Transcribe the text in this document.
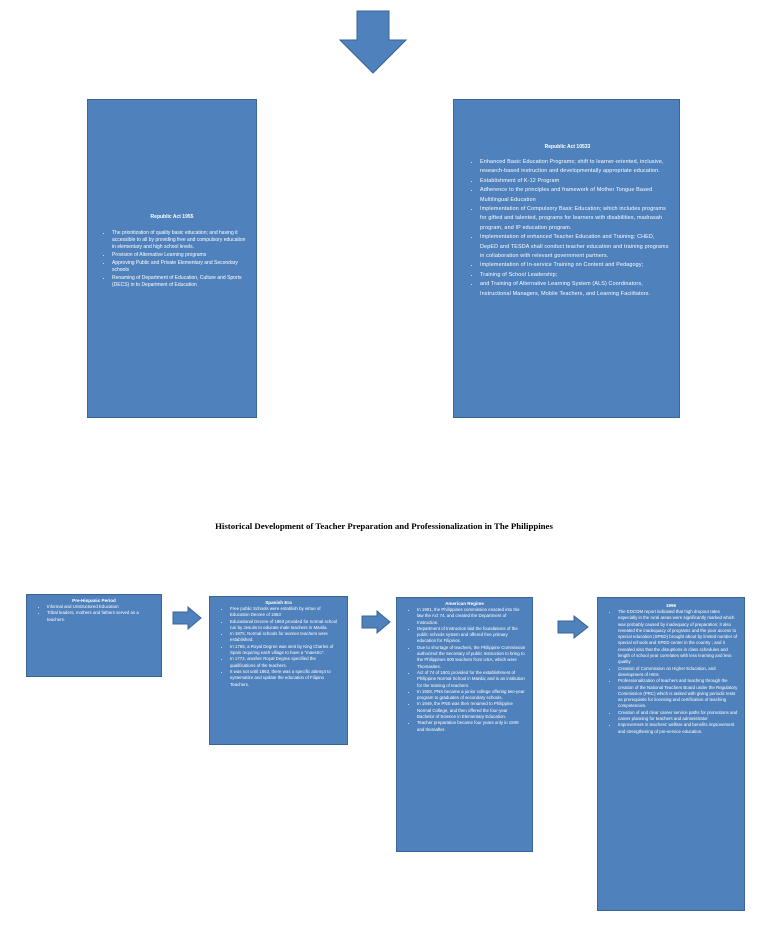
Republic Act 1955
• The prioritization of quality basic education; and having it accessible to all by providing free and compulsory education in elementary and high school levels.
• Provision of Alternative Learning programs
• Approving Public and Private Elementary and Secondary schools
• Renaming of Department of Education, Culture and Sports (DECS) in to Department of Education
Republic Act 10533
• Enhanced Basic Education Programs; shift to learner-oriented, inclusive, research-based instruction and developmentally appropriate education.
• Establishment of K-12 Program
• Adherence to the principles and framework of Mother Tongue Based Multilingual Education
• Implementation of Compulsory Basic Education; which includes programs for gifted and talented, programs for learners with disabilities, madrasah program, and IP education program.
• Implementation of enhanced Teacher Education and Training; CHED, DepED and TESDA shall conduct teacher education and training programs in collaboration with relevant government partners.
• Implementation of In-service Training on Content and Pedagogy;
• Training of School Leadership;
• and Training of Alternative Learning System (ALS) Coordinators, Instructional Managers, Mobile Teachers, and Learning Facilitators.
Historical Development of Teacher Preparation and Professionalization in The Philippines
Pre-Hispanic Period
• Informal and Unstructured Education
• Tribal leaders, mothers and fathers served as a teachers.
Spanish Era
• Free public Schools were establish by virtue of Education Decree of 1863
• Educational Decree of 1863 provided for normal school run by Jesuits to educate male teachers in Manila.
• In 1875, Normal schools for women teachers were established.
• In 1765, a Royal Degree was sent by King Charles of Spain requiring each village to have a "maestro".
• In 1772, another Royal Degree specified the qualifications of the teachers.
• It was not until 1863, there was a specific attempt to systematize and update the education of Filipino Teachers.
American Regime
• In 1901, the Philippines commission enacted into the law the Act 74, and created the Department of Instruction.
• Department of Instruction laid the foundations of the public schools system and offered free primary education for Filipinos.
• Due to shortage of teachers, the Philippine Commission authorized the Secretary of public Instruction to bring to the Philippines 600 teachers from USA, which were Thomasites.
• Act of 74 of 1901 provided for the establishment of Philippine Normal School in Manila; and is an institution for the training of teachers.
• In 1928, PNS became a junior college offering two-year program to graduates of secondary schools.
• In 1949, the PNS was then renamed to Philippine Normal College, and then offered the four-year Bachelor of Science in Elementary Education.
• Teacher preparation became four years only in 1949 and thereafter.
1996
• The EDCOM report indicated that high dropout rates especially in the rural areas were significantly marked which was probably caused by inadequacy of preparation; it also revealed the inadequacy of programs and the poor access to special education (SPED) brought about by limited number of special schools and SPED center in the country ; and it revealed also that the disruptions in class schedules and length of school year correlates with less learning and less quality
• Creation of Commission on Higher Education, and development of HEIs
• Professionalization of teachers and teaching through the creation of the National Teachers Board under the Regulatory Commission (PRC) which is tasked with giving periodic tests as prerequisite for licensing and certification of teaching competencies.
• Creation of and clear career service paths for promotions and career planning for teachers and administrator
• Improvement in teachers' welfare and benefits improvement and strengthening of pre-service education.
